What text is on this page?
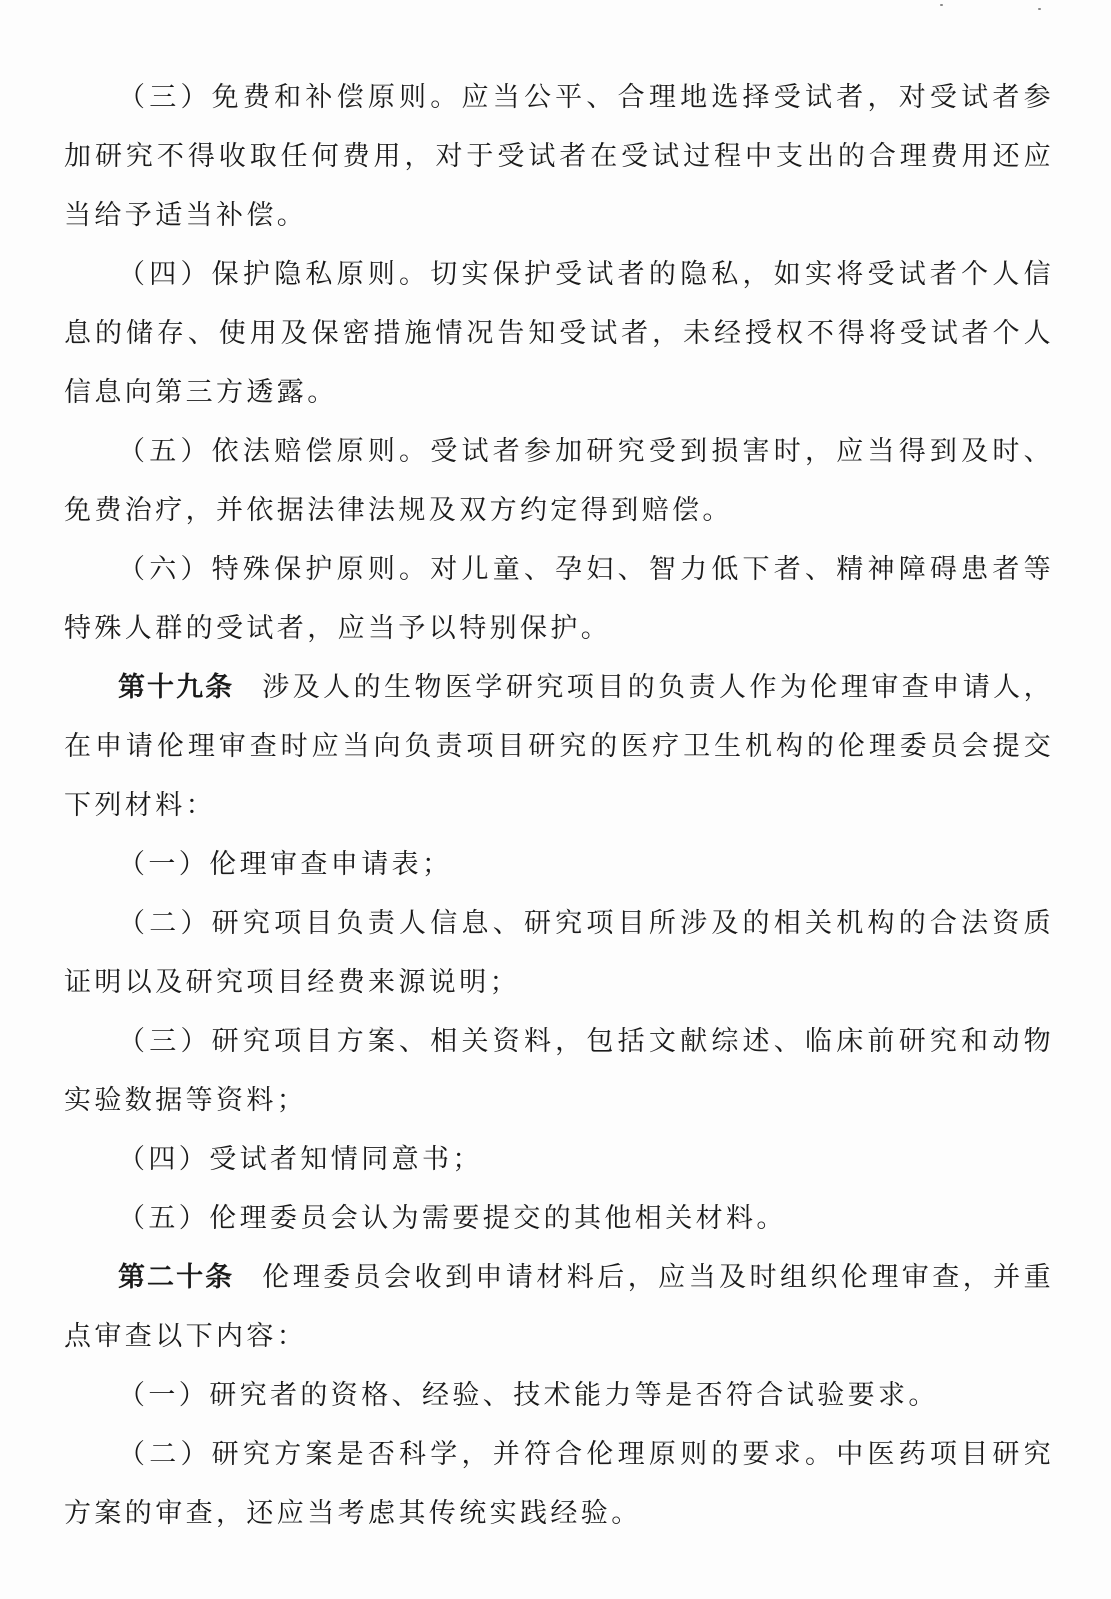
（三）免费和补偿原则。应当公平、合理地选择受试者，对受试者参加研究不得收取任何费用，对于受试者在受试过程中支出的合理费用还应当给予适当补偿。

（四）保护隐私原则。切实保护受试者的隐私，如实将受试者个人信息的储存、使用及保密措施情况告知受试者，未经授权不得将受试者个人信息向第三方透露。

（五）依法赔偿原则。受试者参加研究受到损害时，应当得到及时、免费治疗，并依据法律法规及双方约定得到赔偿。

（六）特殊保护原则。对儿童、孕妇、智力低下者、精神障碍患者等特殊人群的受试者，应当予以特别保护。

第十九条 涉及人的生物医学研究项目的负责人作为伦理审查申请人，在申请伦理审查时应当向负责项目研究的医疗卫生机构的伦理委员会提交下列材料：

（一）伦理审查申请表；

（二）研究项目负责人信息、研究项目所涉及的相关机构的合法资质证明以及研究项目经费来源说明；

（三）研究项目方案、相关资料，包括文献综述、临床前研究和动物实验数据等资料；

（四）受试者知情同意书；

（五）伦理委员会认为需要提交的其他相关材料。

第二十条 伦理委员会收到申请材料后，应当及时组织伦理审查，并重点审查以下内容：

（一）研究者的资格、经验、技术能力等是否符合试验要求。

（二）研究方案是否科学，并符合伦理原则的要求。中医药项目研究方案的审查，还应当考虑其传统实践经验。
